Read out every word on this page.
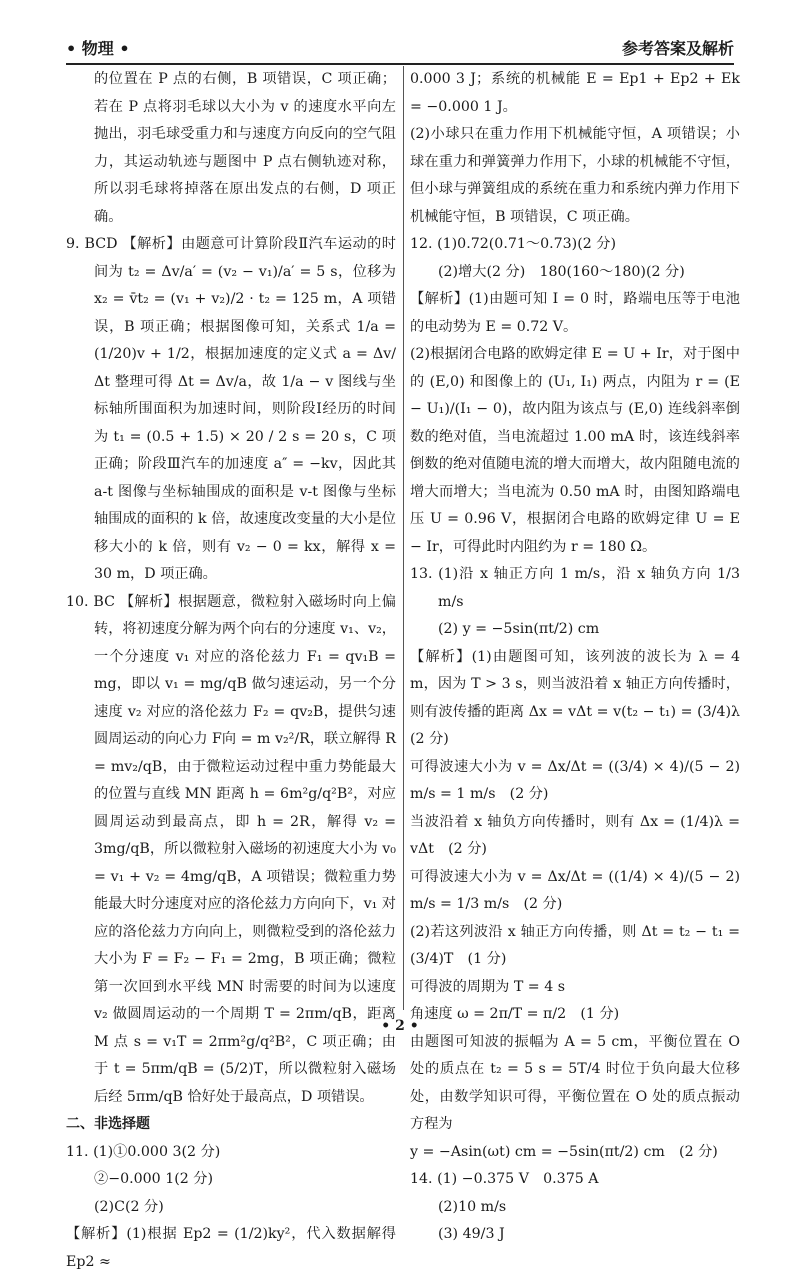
• 物理 •	参考答案及解析
的位置在 P 点的右侧，B 项错误，C 项正确；若在 P 点将羽毛球以大小为 v 的速度水平向左抛出，羽毛球受重力和与速度方向反向的空气阻力，其运动轨迹与题图中 P 点右侧轨迹对称，所以羽毛球将掉落在原出发点的右侧，D 项正确。
9. BCD 【解析】由题意可计算阶段Ⅱ汽车运动的时间为 t₂ = Δv/a′ = (v₂ − v₁)/a′ = 5 s，位移为 x₂ = v̄t₂ = (v₁ + v₂)/2 · t₂ = 125 m，A 项错误，B 项正确；根据图像可知，关系式 1/a = (1/20)v + 1/2，根据加速度的定义式 a = Δv/Δt 整理可得 Δt = Δv/a，故 1/a − v 图线与坐标轴所围面积为加速时间，则阶段Ⅰ经历的时间为 t₁ = (0.5 + 1.5) × 20 / 2 s = 20 s，C 项正确；阶段Ⅲ汽车的加速度 a″ = −kv，因此其 a-t 图像与坐标轴围成的面积是 v-t 图像与坐标轴围成的面积的 k 倍，故速度改变量的大小是位移大小的 k 倍，则有 v₂ − 0 = kx，解得 x = 30 m，D 项正确。
10. BC 【解析】根据题意，微粒射入磁场时向上偏转，将初速度分解为两个向右的分速度 v₁、v₂，一个分速度 v₁ 对应的洛伦兹力 F₁ = qv₁B = mg，即以 v₁ = mg/qB 做匀速运动，另一个分速度 v₂ 对应的洛伦兹力 F₂ = qv₂B，提供匀速圆周运动的向心力 F向 = m v₂²/R，联立解得 R = mv₂/qB，由于微粒运动过程中重力势能最大的位置与直线 MN 距离 h = 6m²g/q²B²，对应圆周运动到最高点，即 h = 2R，解得 v₂ = 3mg/qB，所以微粒射入磁场的初速度大小为 v₀ = v₁ + v₂ = 4mg/qB，A 项错误；微粒重力势能最大时分速度对应的洛伦兹力方向向下，v₁ 对应的洛伦兹力方向向上，则微粒受到的洛伦兹力大小为 F = F₂ − F₁ = 2mg，B 项正确；微粒第一次回到水平线 MN 时需要的时间为以速度 v₂ 做圆周运动的一个周期 T = 2πm/qB，距离 M 点 s = v₁T = 2πm²g/q²B²，C 项正确；由于 t = 5πm/qB = (5/2)T，所以微粒射入磁场后经 5πm/qB 恰好处于最高点，D 项错误。
二、非选择题
11. (1)①0.000 3(2 分)
②−0.000 1(2 分)
(2)C(2 分)
【解析】(1)根据 Ep2 = (1/2)ky²，代入数据解得 Ep2 ≈
0.000 3 J；系统的机械能 E = Ep1 + Ep2 + Ek = −0.000 1 J。
(2)小球只在重力作用下机械能守恒，A 项错误；小球在重力和弹簧弹力作用下，小球的机械能不守恒，但小球与弹簧组成的系统在重力和系统内弹力作用下机械能守恒，B 项错误，C 项正确。
12. (1)0.72(0.71～0.73)(2 分)
(2)增大(2 分)　180(160～180)(2 分)
【解析】(1)由题可知 I = 0 时，路端电压等于电池的电动势为 E = 0.72 V。
(2)根据闭合电路的欧姆定律 E = U + Ir，对于图中的 (E,0) 和图像上的 (U₁, I₁) 两点，内阻为 r = (E − U₁)/(I₁ − 0)，故内阻为该点与 (E,0) 连线斜率倒数的绝对值，当电流超过 1.00 mA 时，该连线斜率倒数的绝对值随电流的增大而增大，故内阻随电流的增大而增大；当电流为 0.50 mA 时，由图知路端电压 U = 0.96 V，根据闭合电路的欧姆定律 U = E − Ir，可得此时内阻约为 r = 180 Ω。
13. (1)沿 x 轴正方向 1 m/s，沿 x 轴负方向 1/3 m/s
(2) y = −5sin(πt/2) cm
【解析】(1)由题图可知，该列波的波长为 λ = 4 m，因为 T > 3 s，则当波沿着 x 轴正方向传播时，则有波传播的距离 Δx = vΔt = v(t₂ − t₁) = (3/4)λ　(2 分)
可得波速大小为 v = Δx/Δt = ((3/4) × 4)/(5 − 2) m/s = 1 m/s　(2 分)
当波沿着 x 轴负方向传播时，则有 Δx = (1/4)λ = vΔt　(2 分)
可得波速大小为 v = Δx/Δt = ((1/4) × 4)/(5 − 2) m/s = 1/3 m/s　(2 分)
(2)若这列波沿 x 轴正方向传播，则 Δt = t₂ − t₁ = (3/4)T　(1 分)
可得波的周期为 T = 4 s
角速度 ω = 2π/T = π/2　(1 分)
由题图可知波的振幅为 A = 5 cm，平衡位置在 O 处的质点在 t₂ = 5 s = 5T/4 时位于负向最大位移处，由数学知识可得，平衡位置在 O 处的质点振动方程为
y = −Asin(ωt) cm = −5sin(πt/2) cm　(2 分)
14. (1) −0.375 V　0.375 A
(2)10 m/s
(3) 49/3 J
• 2 •
